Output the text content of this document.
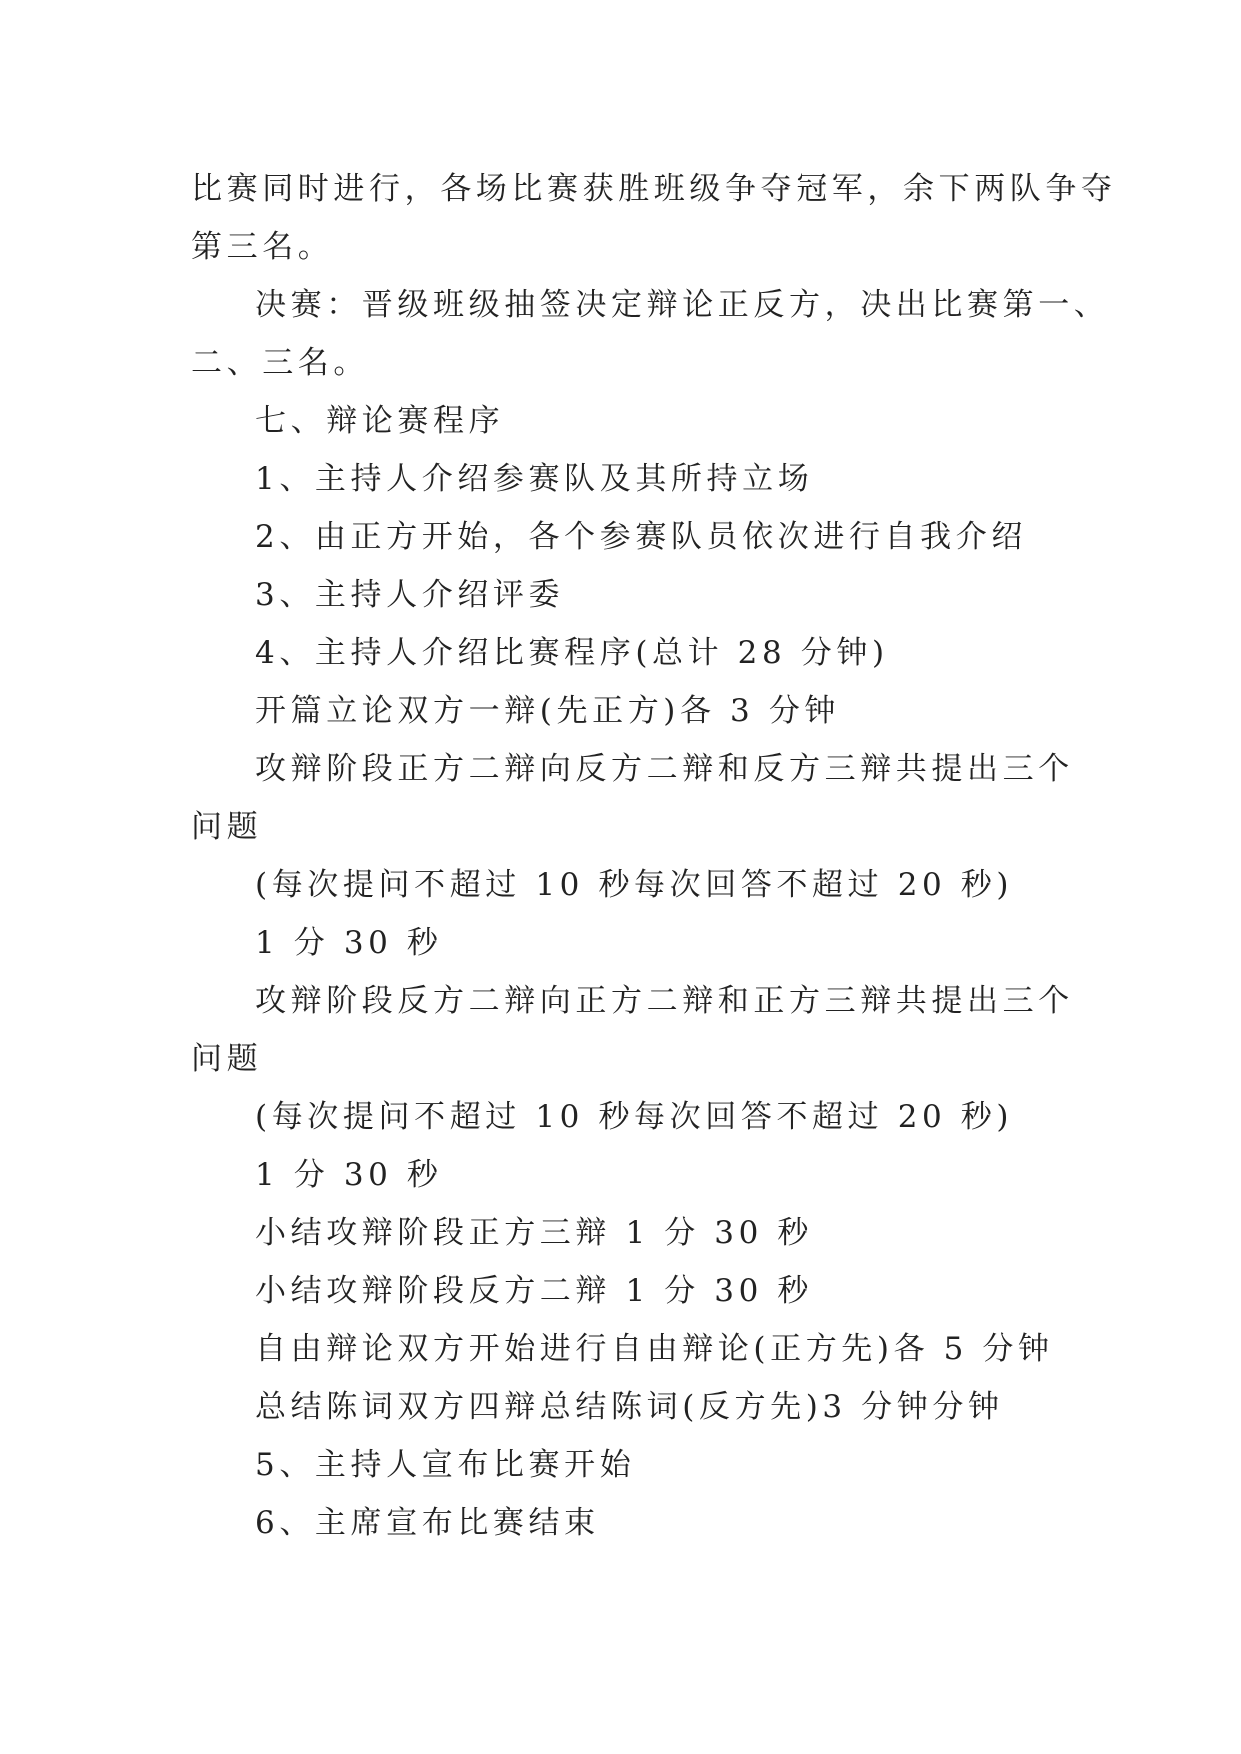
比赛同时进行，各场比赛获胜班级争夺冠军，余下两队争夺
第三名。
决赛：晋级班级抽签决定辩论正反方，决出比赛第一、
二、三名。
七、辩论赛程序
1、主持人介绍参赛队及其所持立场
2、由正方开始，各个参赛队员依次进行自我介绍
3、主持人介绍评委
4、主持人介绍比赛程序(总计 28 分钟)
开篇立论双方一辩(先正方)各 3 分钟
攻辩阶段正方二辩向反方二辩和反方三辩共提出三个
问题
(每次提问不超过 10 秒每次回答不超过 20 秒)
1 分 30 秒
攻辩阶段反方二辩向正方二辩和正方三辩共提出三个
问题
(每次提问不超过 10 秒每次回答不超过 20 秒)
1 分 30 秒
小结攻辩阶段正方三辩 1 分 30 秒
小结攻辩阶段反方二辩 1 分 30 秒
自由辩论双方开始进行自由辩论(正方先)各 5 分钟
总结陈词双方四辩总结陈词(反方先)3 分钟分钟
5、主持人宣布比赛开始
6、主席宣布比赛结束
